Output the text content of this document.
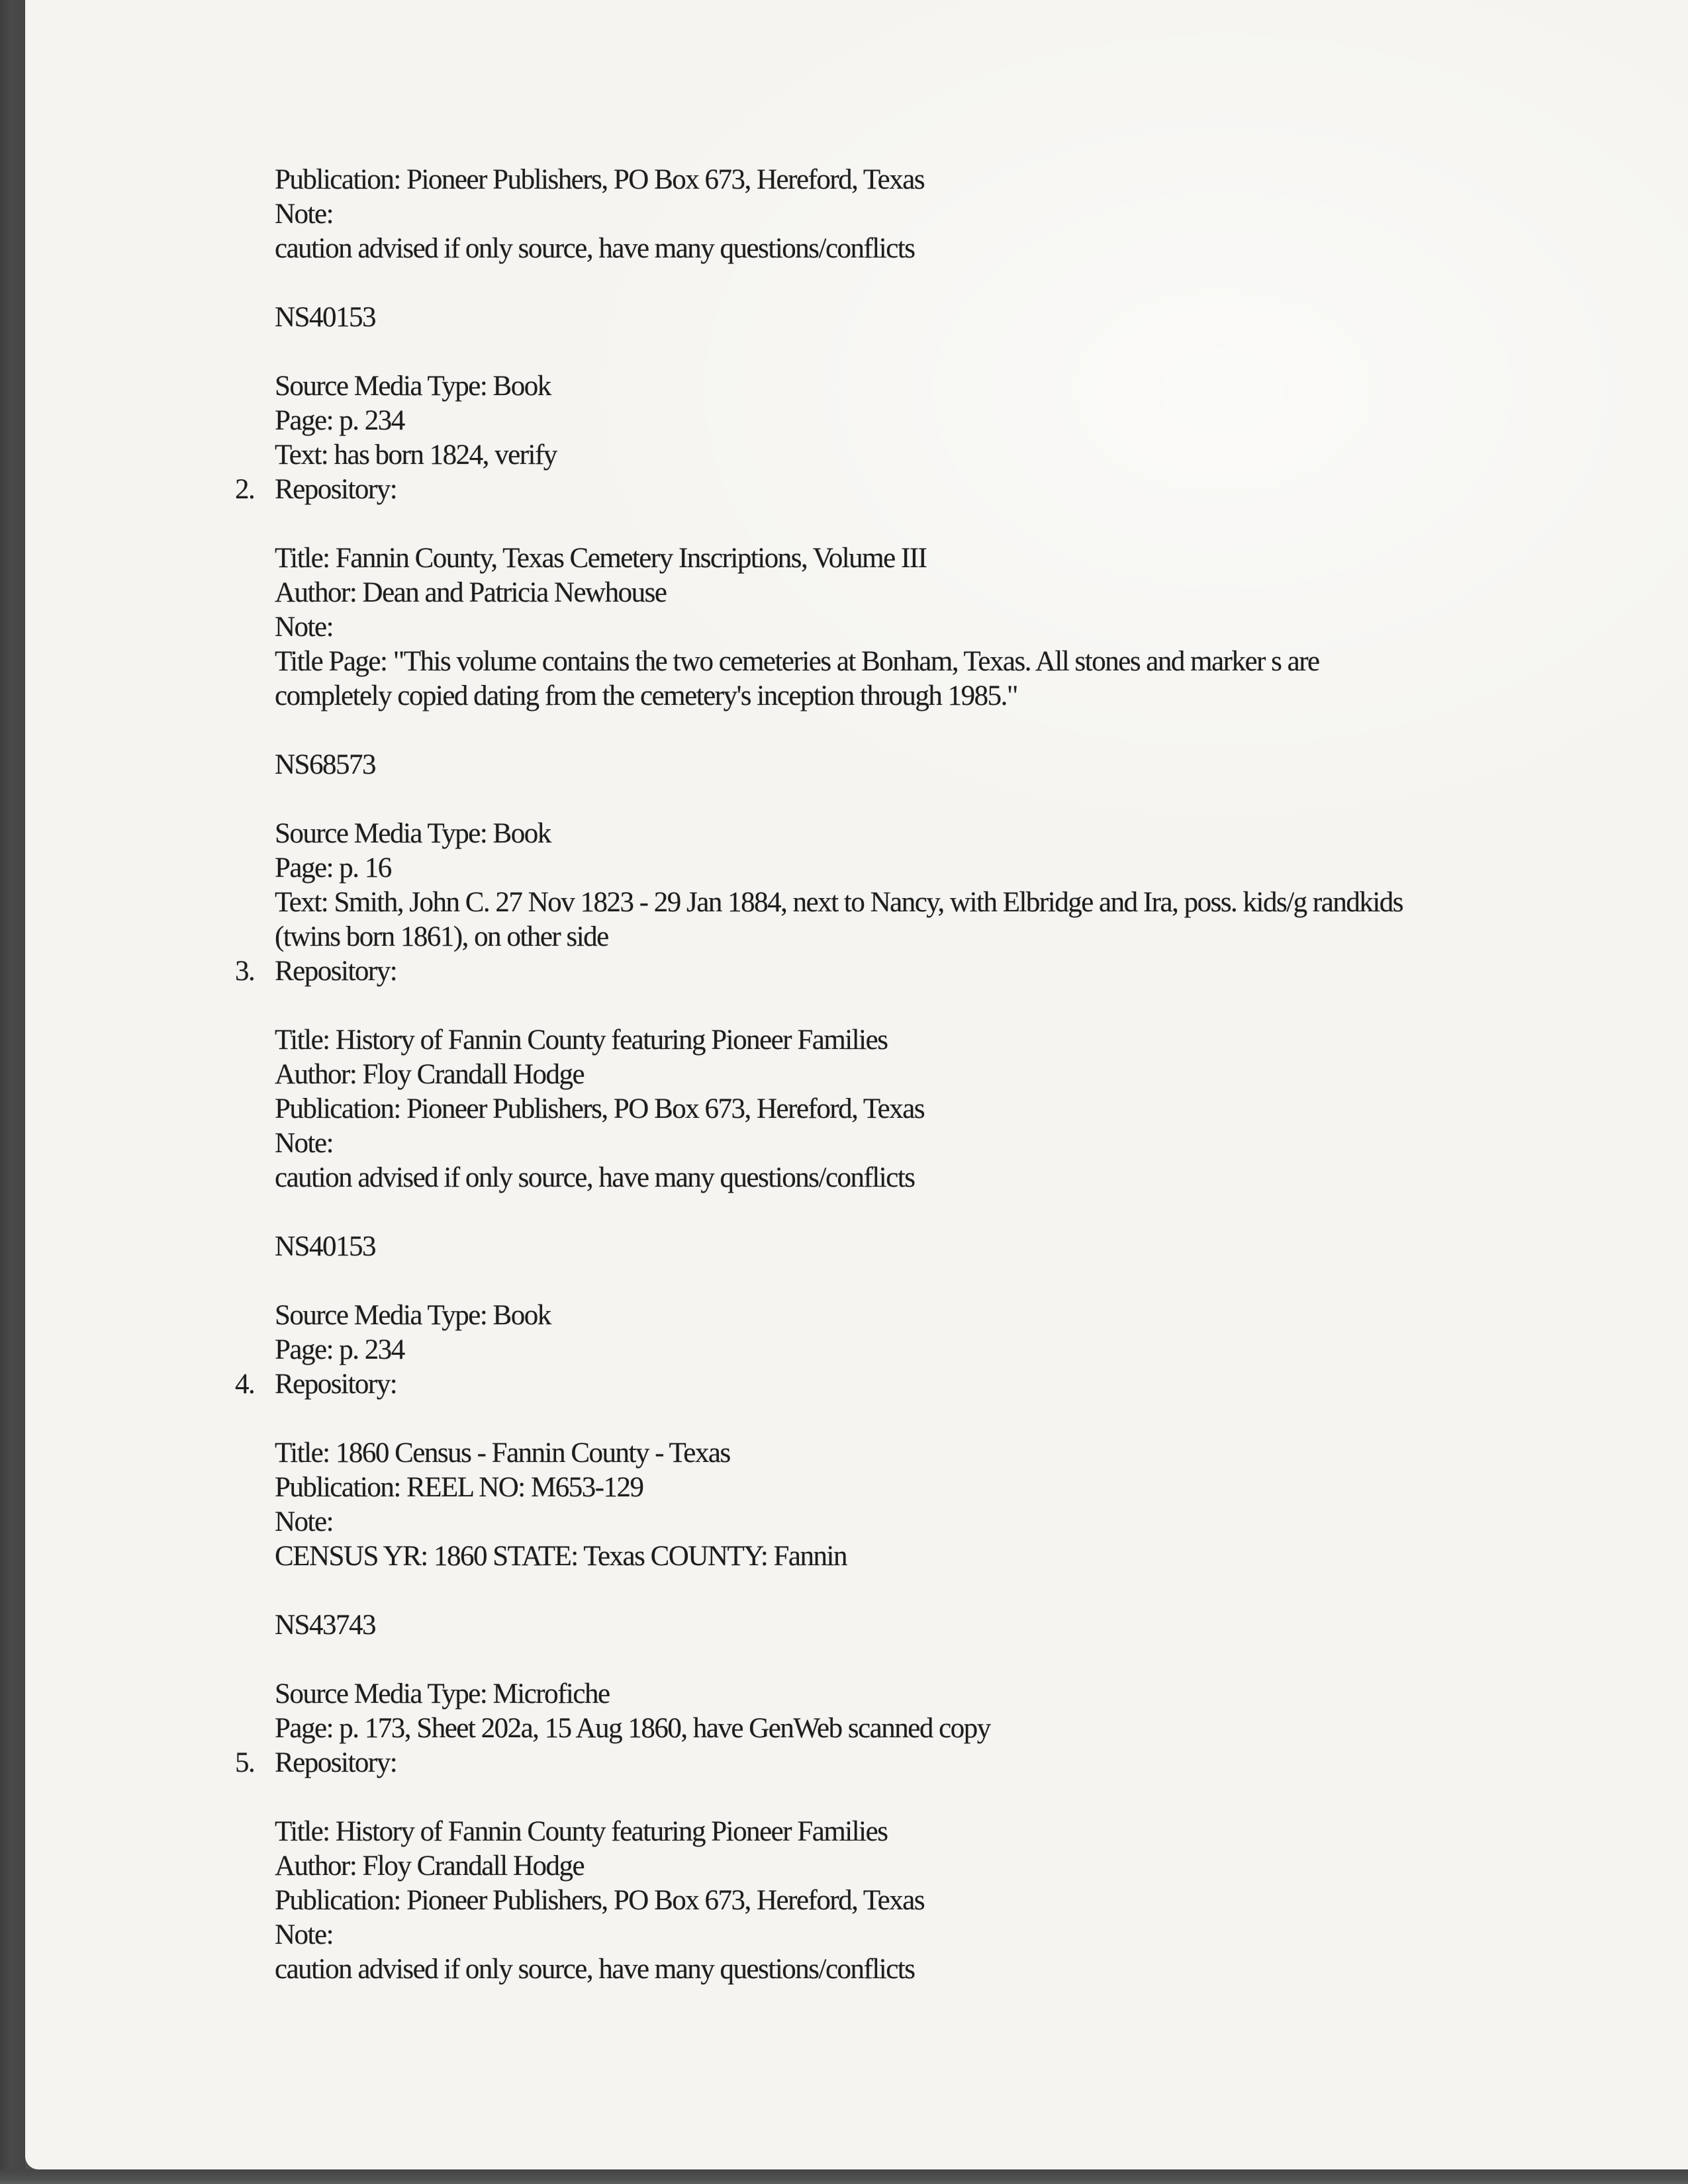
Publication: Pioneer Publishers, PO Box 673, Hereford, Texas
Note:
caution advised if only source, have many questions/conflicts

NS40153

Source Media Type: Book
Page: p. 234
Text: has born 1824, verify
2. Repository:

Title: Fannin County, Texas Cemetery Inscriptions, Volume III
Author: Dean and Patricia Newhouse
Note:
Title Page: "This volume contains the two cemeteries at Bonham, Texas. All stones and marker s are
completely copied dating from the cemetery's inception through 1985."

NS68573

Source Media Type: Book
Page: p. 16
Text: Smith, John C. 27 Nov 1823 - 29 Jan 1884, next to Nancy, with Elbridge and Ira, poss. kids/g randkids
(twins born 1861), on other side
3. Repository:

Title: History of Fannin County featuring Pioneer Families
Author: Floy Crandall Hodge
Publication: Pioneer Publishers, PO Box 673, Hereford, Texas
Note:
caution advised if only source, have many questions/conflicts

NS40153

Source Media Type: Book
Page: p. 234
4. Repository:

Title: 1860 Census - Fannin County - Texas
Publication: REEL NO: M653-129
Note:
CENSUS YR: 1860 STATE: Texas COUNTY: Fannin

NS43743

Source Media Type: Microfiche
Page: p. 173, Sheet 202a, 15 Aug 1860, have GenWeb scanned copy
5. Repository:

Title: History of Fannin County featuring Pioneer Families
Author: Floy Crandall Hodge
Publication: Pioneer Publishers, PO Box 673, Hereford, Texas
Note:
caution advised if only source, have many questions/conflicts
